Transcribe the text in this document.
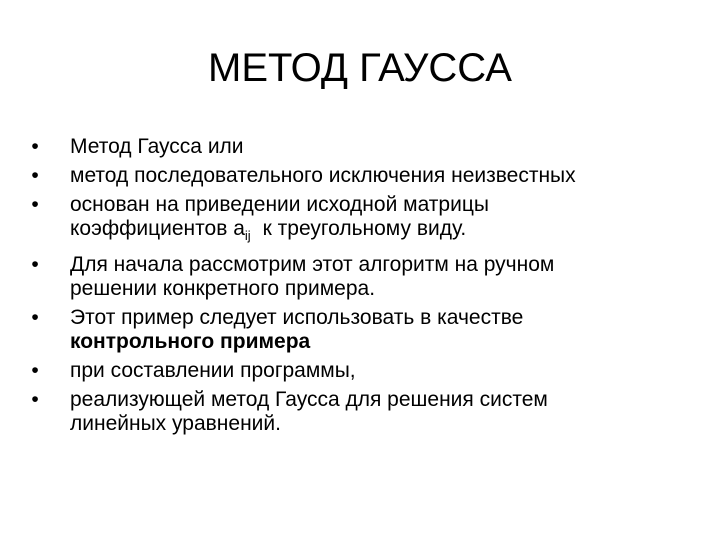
МЕТОД ГАУССА
• Метод Гаусса или
• метод последовательного исключения неизвестных
• основан на приведении исходной матрицы
коэффициентов $a_{ij}$ к треугольному виду.
• Для начала рассмотрим этот алгоритм на ручном
решении конкретного примера.
• Этот пример следует использовать в качестве
контрольного примера
• при составлении программы,
• реализующей метод Гаусса для решения систем
линейных уравнений.
